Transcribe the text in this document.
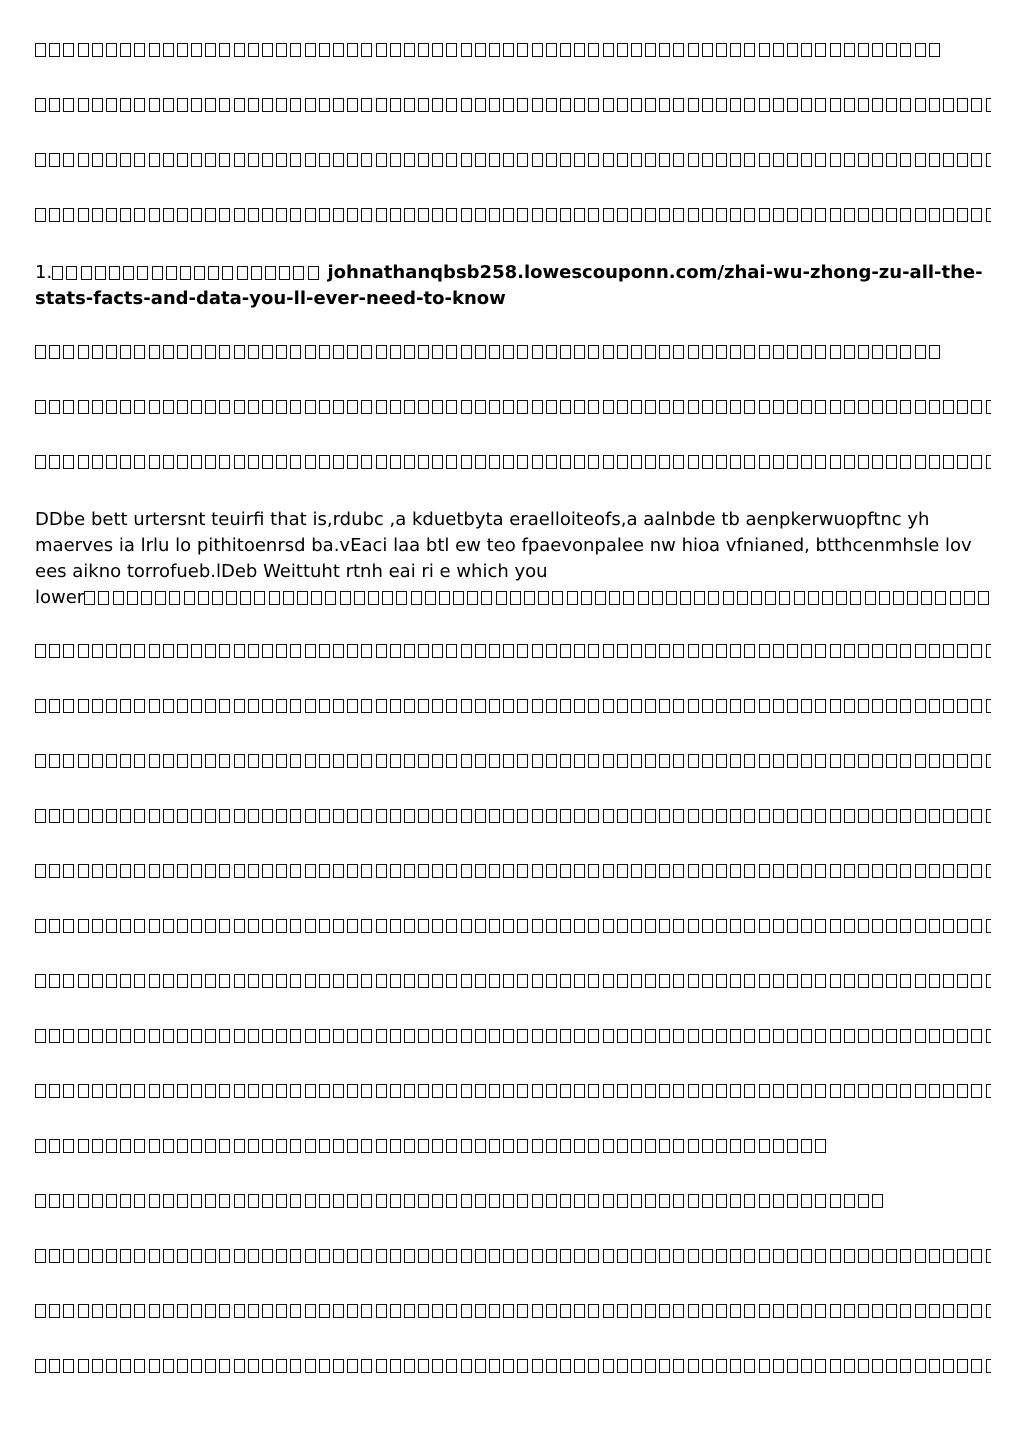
1.	johnathanqbsb258.lowescouponn.com/zhai-wu-zhong-zu-all-the-stats-facts-and-data-you-ll-ever-need-to-know
DDbe bett urtersnt teuirfi that is,rdubc ,a kduetbyta eraelloiteofs,a aalnbde tb aenpkerwuopftnc yh maerves ia lrlu lo pithitoenrsd ba.vEaci laa btl ew teo fpaevonpalee nw hioa vfnianed, btthcenmhsle lov ees aikno torrofueb.lDeb Weittuht rtnh eai ri e which you
lower
